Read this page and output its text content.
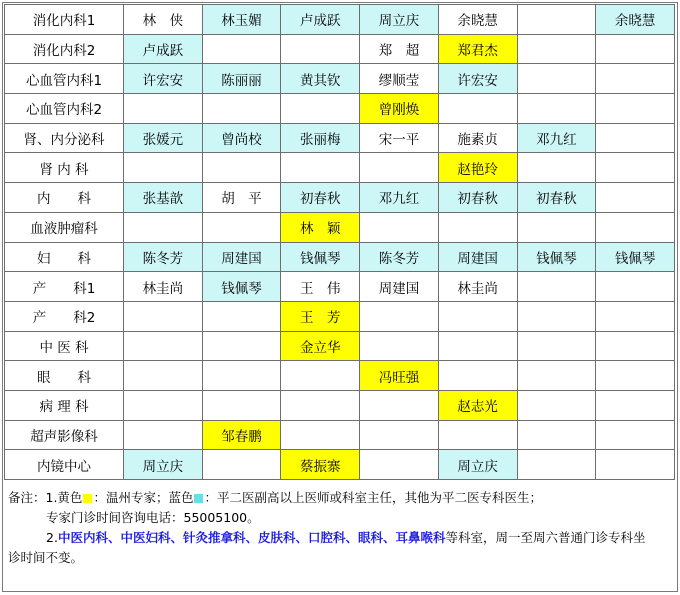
消化内科1	林　侠	林玉媚	卢成跃	周立庆	余晓慧		余晓慧
消化内科2	卢成跃			郑　超	郑君杰		
心血管内科1	许宏安	陈丽丽	黄其钦	缪顺莹	许宏安		
心血管内科2				曾刚焕			
肾、内分泌科	张媛元	曾尚校	张丽梅	宋一平	施素贞	邓九红	
肾 内 科					赵艳玲		
内　　科	张基歆	胡　平	初春秋	邓九红	初春秋	初春秋	
血液肿瘤科			林　颖				
妇　　科	陈冬芳	周建国	钱佩琴	陈冬芳	周建国	钱佩琴	钱佩琴
产　　科1	林圭尚	钱佩琴	王　伟	周建国	林圭尚		
产　　科2			王　芳				
中 医 科			金立华				
眼　　科				冯旺强			
病 理 科					赵志光		
超声影像科		邹春鹏					
内镜中心	周立庆		蔡振寨		周立庆		
备注：1.黄色 ：温州专家；蓝色 ：平二医副高以上医师或科室主任，其他为平二医专科医生；
专家门诊时间咨询电话：55005100。
2.中医内科、中医妇科、针灸推拿科、皮肤科、口腔科、眼科、耳鼻喉科等科室，周一至周六普通门诊专科坐
诊时间不变。
